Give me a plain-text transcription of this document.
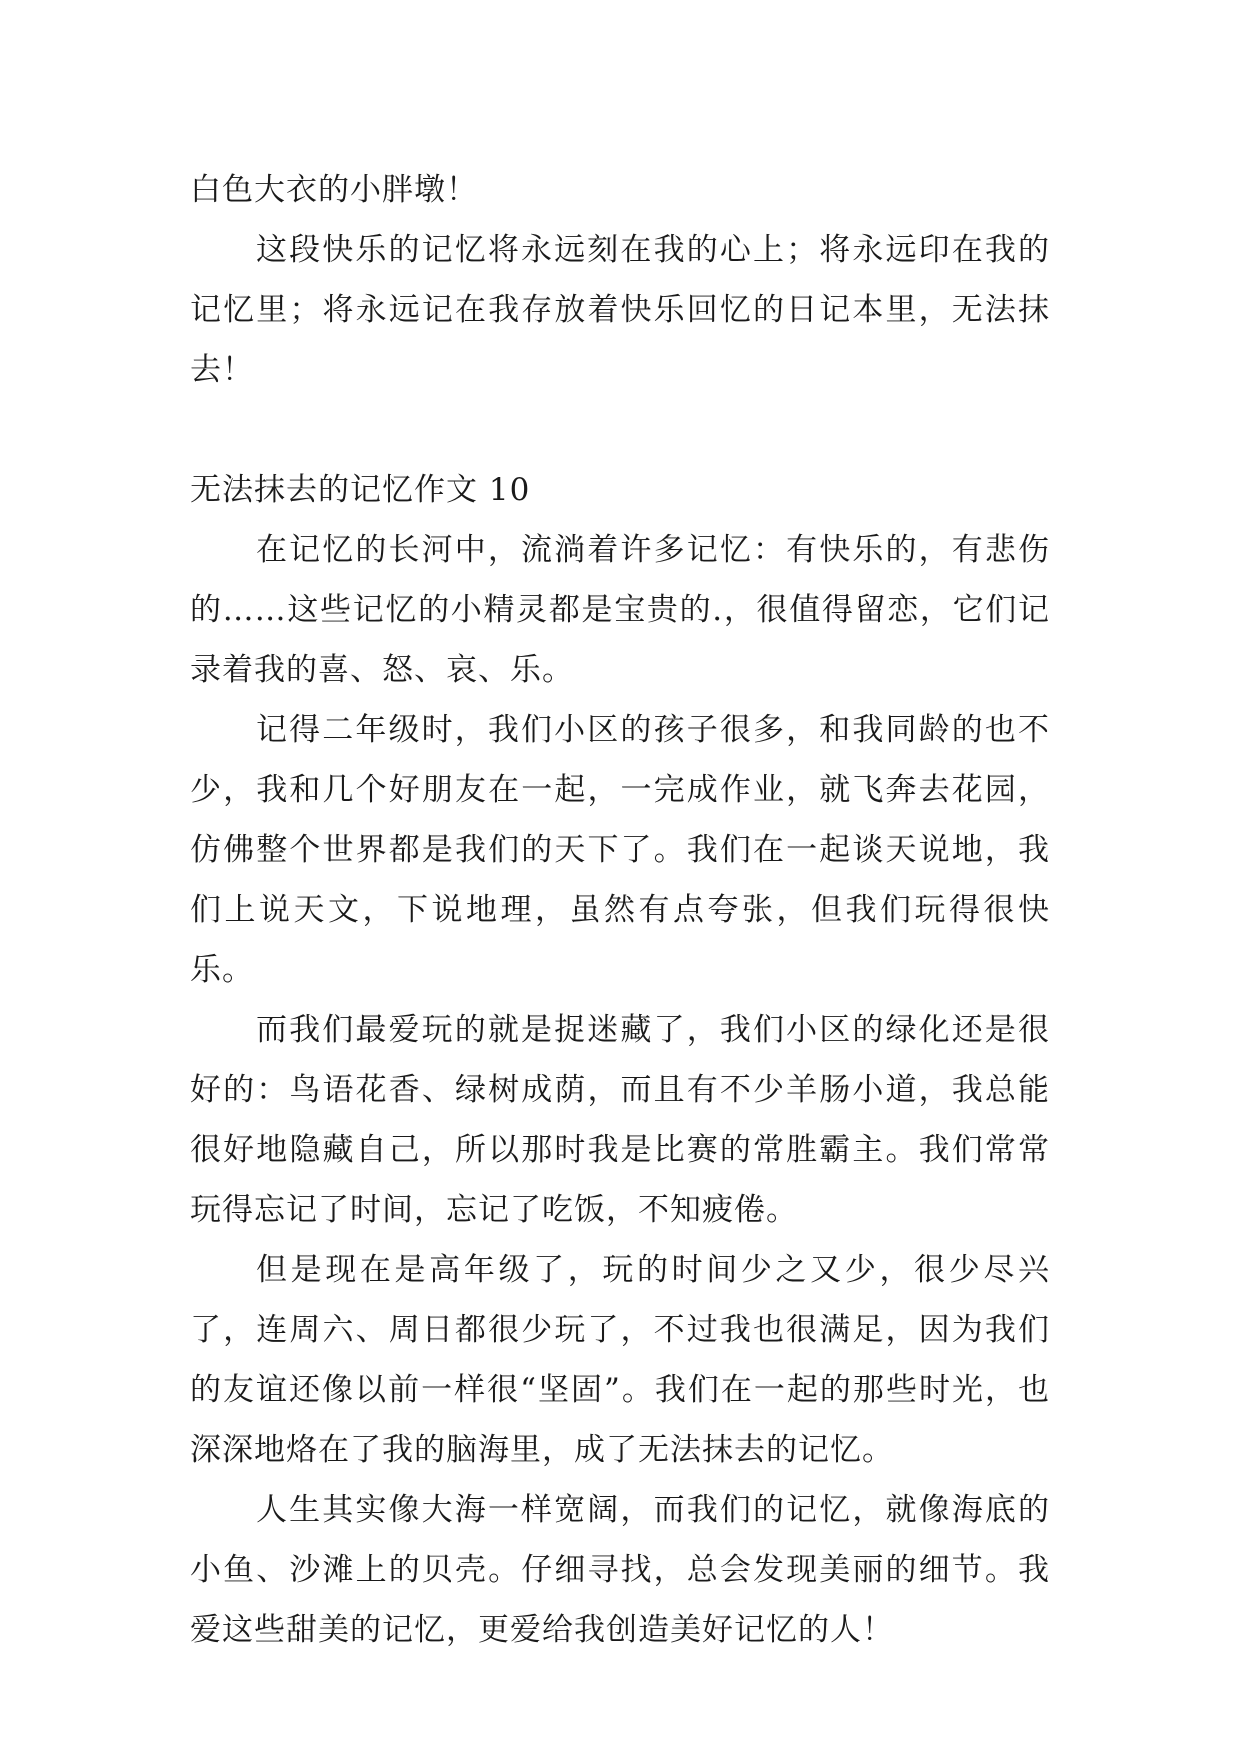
白色大衣的小胖墩！

这段快乐的记忆将永远刻在我的心上；将永远印在我的记忆里；将永远记在我存放着快乐回忆的日记本里，无法抹去！

无法抹去的记忆作文 10

在记忆的长河中，流淌着许多记忆：有快乐的，有悲伤的……这些记忆的小精灵都是宝贵的.，很值得留恋，它们记录着我的喜、怒、哀、乐。

记得二年级时，我们小区的孩子很多，和我同龄的也不少，我和几个好朋友在一起，一完成作业，就飞奔去花园，仿佛整个世界都是我们的天下了。我们在一起谈天说地，我们上说天文，下说地理，虽然有点夸张，但我们玩得很快乐。

而我们最爱玩的就是捉迷藏了，我们小区的绿化还是很好的：鸟语花香、绿树成荫，而且有不少羊肠小道，我总能很好地隐藏自己，所以那时我是比赛的常胜霸主。我们常常玩得忘记了时间，忘记了吃饭，不知疲倦。

但是现在是高年级了，玩的时间少之又少，很少尽兴了，连周六、周日都很少玩了，不过我也很满足，因为我们的友谊还像以前一样很“坚固”。我们在一起的那些时光，也深深地烙在了我的脑海里，成了无法抹去的记忆。

人生其实像大海一样宽阔，而我们的记忆，就像海底的小鱼、沙滩上的贝壳。仔细寻找，总会发现美丽的细节。我爱这些甜美的记忆，更爱给我创造美好记忆的人！
